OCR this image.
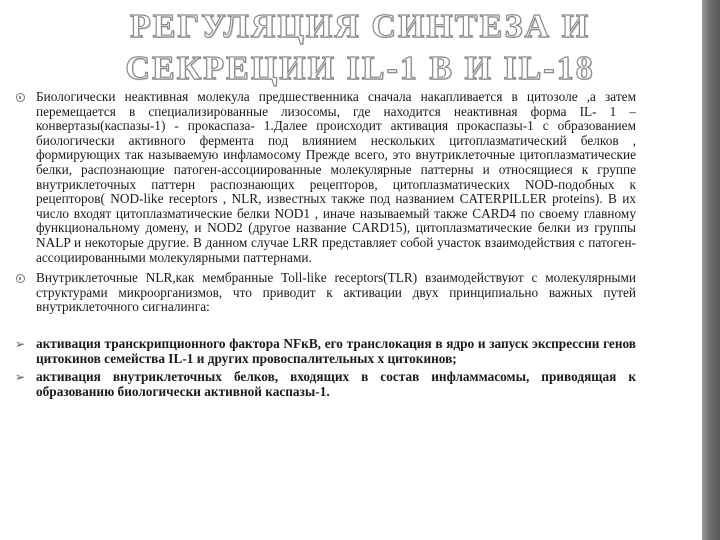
РЕГУЛЯЦИЯ СИНТЕЗА И
СЕКРЕЦИИ IL-1 B И IL-18
Биологически неактивная молекула предшественника сначала накапливается в цитозоле ,а затем перемещается в специализированные лизосомы, где находится неактивная форма IL- 1 –конвертазы(каспазы-1) - прокаспаза- 1.Далее происходит активация прокаспазы-1 с образованием биологически активного фермента под влиянием нескольких цитоплазматический белков , формирующих так называемую инфламосому Прежде всего, это внутриклеточные цитоплазматические белки, распознающие патоген-ассоциированные молекулярные паттерны и относящиеся к группе внутриклеточных паттерн распознающих рецепторов, цитоплазматических NOD-подобных к рецепторов( NOD-like receptors , NLR, известных также под названием CATERPILLER proteins). В их число входят цитоплазматические белки NOD1 , иначе называемый также CARD4 по своему главному функциональному домену, и NOD2 (другое название CARD15), цитоплазматические белки из группы NALP и некоторые другие. В данном случае LRR представляет собой участок взаимодействия с патоген-ассоциированными молекулярными паттернами.
Внутриклеточные NLR,как мембранные Toll-like receptors(TLR) взаимодействуют с молекулярными структурами микроорганизмов, что приводит к активации двух принципиально важных путей внутриклеточного сигналинга:
➢ активация транскрипционного фактора NFкB, его транслокация в ядро и запуск экспрессии генов цитокинов семейства IL-1 и других провоспалительных х цитокинов;
➢ активация внутриклеточных белков, входящих в состав инфламмасомы, приводящая к образованию биологически активной каспазы-1.
